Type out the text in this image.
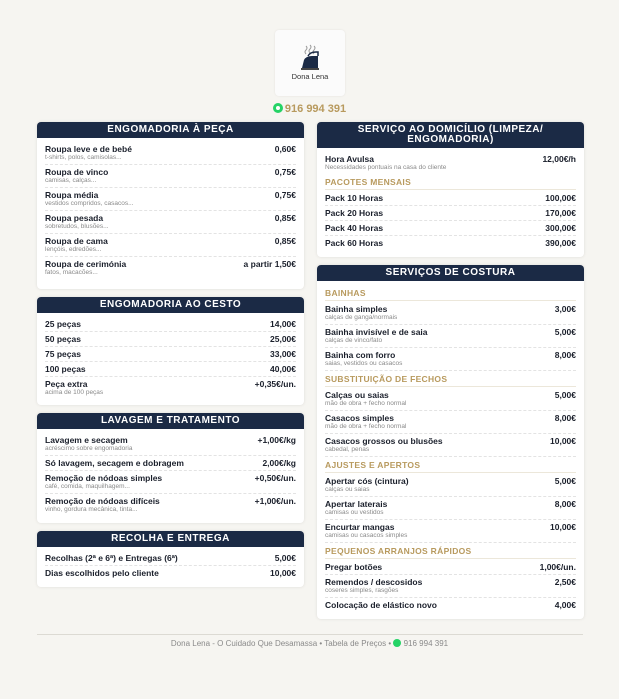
Dona Lena
916 994 391
ENGOMADORIA À PEÇA
Roupa leve e de bebé
t-shirts, polos, camisolas...
0,60€
Roupa de vinco
camisas, calças...
0,75€
Roupa média
vestidos compridos, casacos...
0,75€
Roupa pesada
sobretudos, blusões...
0,85€
Roupa de cama
lençóis, edredões...
0,85€
Roupa de cerimónia
fatos, macacões...
a partir 1,50€
ENGOMADORIA AO CESTO
25 peças	14,00€
50 peças	25,00€
75 peças	33,00€
100 peças	40,00€
Peça extra
acima de 100 peças
+0,35€/un.
LAVAGEM E TRATAMENTO
Lavagem e secagem
acréscimo sobre engomadoria
+1,00€/kg
Só lavagem, secagem e dobragem	2,00€/kg
Remoção de nódoas simples
café, comida, maquilhagem...
+0,50€/un.
Remoção de nódoas difíceis
vinho, gordura mecânica, tinta...
+1,00€/un.
RECOLHA E ENTREGA
Recolhas (2ª e 6ª) e Entregas (6ª)	5,00€
Dias escolhidos pelo cliente	10,00€
SERVIÇO AO DOMICÍLIO (LIMPEZA/ ENGOMADORIA)
Hora Avulsa
Necessidades pontuais na casa do cliente
12,00€/h
PACOTES MENSAIS
Pack 10 Horas	100,00€
Pack 20 Horas	170,00€
Pack 40 Horas	300,00€
Pack 60 Horas	390,00€
SERVIÇOS DE COSTURA
BAINHAS
Bainha simples
calças de ganga/normais
3,00€
Bainha invisível e de saia
calças de vinco/fato
5,00€
Bainha com forro
saias, vestidos ou casacos
8,00€
SUBSTITUIÇÃO DE FECHOS
Calças ou saias
mão de obra + fecho normal
5,00€
Casacos simples
mão de obra + fecho normal
8,00€
Casacos grossos ou blusões
cabedal, penas
10,00€
AJUSTES E APERTOS
Apertar cós (cintura)
calças ou saias
5,00€
Apertar laterais
camisas ou vestidos
8,00€
Encurtar mangas
camisas ou casacos simples
10,00€
PEQUENOS ARRANJOS RÁPIDOS
Pregar botões	1,00€/un.
Remendos / descosidos
coseres simples, rasgões
2,50€
Colocação de elástico novo	4,00€
Dona Lena - O Cuidado Que Desamassa • Tabela de Preços • 916 994 391
